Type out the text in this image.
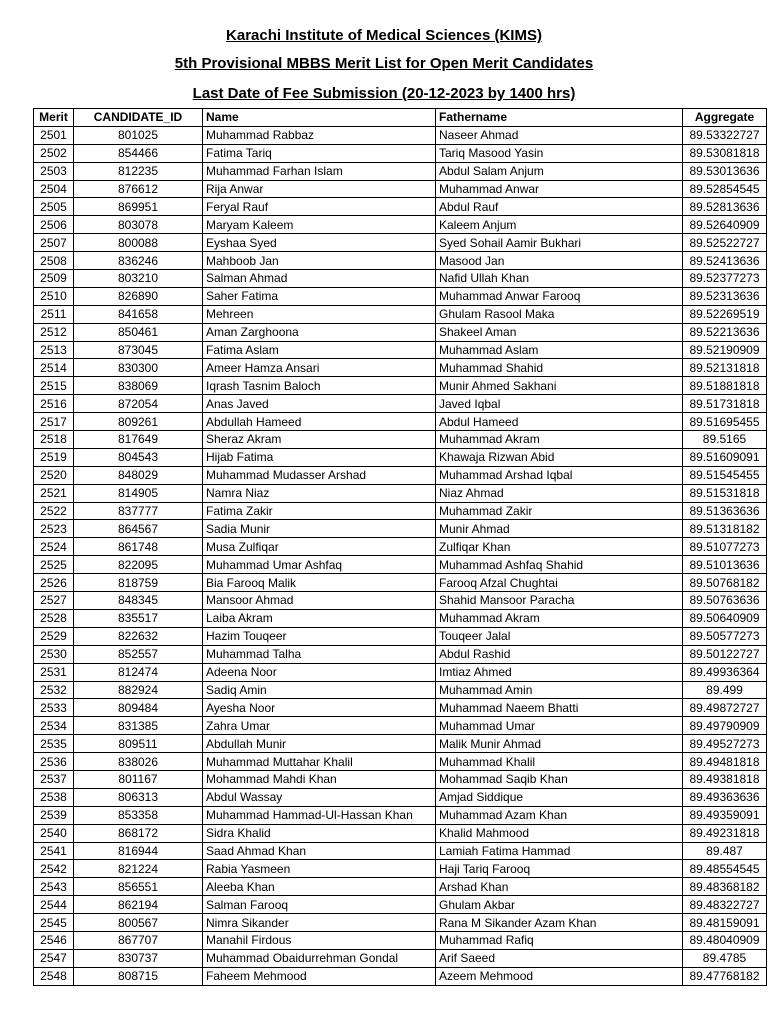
Karachi Institute of Medical Sciences (KIMS)
5th Provisional MBBS Merit List for Open Merit Candidates
Last Date of Fee Submission (20-12-2023 by 1400 hrs)
Merit	CANDIDATE_ID	Name	Fathername	Aggregate
2501	801025	Muhammad Rabbaz	Naseer Ahmad	89.53322727
2502	854466	Fatima Tariq	Tariq Masood Yasin	89.53081818
2503	812235	Muhammad Farhan Islam	Abdul Salam Anjum	89.53013636
2504	876612	Rija Anwar	Muhammad Anwar	89.52854545
2505	869951	Feryal Rauf	Abdul Rauf	89.52813636
2506	803078	Maryam Kaleem	Kaleem Anjum	89.52640909
2507	800088	Eyshaa Syed	Syed Sohail Aamir Bukhari	89.52522727
2508	836246	Mahboob Jan	Masood Jan	89.52413636
2509	803210	Salman Ahmad	Nafid Ullah Khan	89.52377273
2510	826890	Saher Fatima	Muhammad Anwar Farooq	89.52313636
2511	841658	Mehreen	Ghulam Rasool Maka	89.52269519
2512	850461	Aman Zarghoona	Shakeel Aman	89.52213636
2513	873045	Fatima Aslam	Muhammad Aslam	89.52190909
2514	830300	Ameer Hamza Ansari	Muhammad Shahid	89.52131818
2515	838069	Iqrash Tasnim Baloch	Munir Ahmed Sakhani	89.51881818
2516	872054	Anas Javed	Javed Iqbal	89.51731818
2517	809261	Abdullah Hameed	Abdul Hameed	89.51695455
2518	817649	Sheraz Akram	Muhammad Akram	89.5165
2519	804543	Hijab Fatima	Khawaja Rizwan Abid	89.51609091
2520	848029	Muhammad Mudasser Arshad	Muhammad Arshad Iqbal	89.51545455
2521	814905	Namra Niaz	Niaz Ahmad	89.51531818
2522	837777	Fatima Zakir	Muhammad Zakir	89.51363636
2523	864567	Sadia Munir	Munir Ahmad	89.51318182
2524	861748	Musa Zulfiqar	Zulfiqar Khan	89.51077273
2525	822095	Muhammad Umar Ashfaq	Muhammad Ashfaq Shahid	89.51013636
2526	818759	Bia Farooq Malik	Farooq Afzal Chughtai	89.50768182
2527	848345	Mansoor Ahmad	Shahid Mansoor Paracha	89.50763636
2528	835517	Laiba Akram	Muhammad Akram	89.50640909
2529	822632	Hazim Touqeer	Touqeer Jalal	89.50577273
2530	852557	Muhammad Talha	Abdul Rashid	89.50122727
2531	812474	Adeena Noor	Imtiaz Ahmed	89.49936364
2532	882924	Sadiq Amin	Muhammad Amin	89.499
2533	809484	Ayesha Noor	Muhammad Naeem Bhatti	89.49872727
2534	831385	Zahra Umar	Muhammad Umar	89.49790909
2535	809511	Abdullah Munir	Malik Munir Ahmad	89.49527273
2536	838026	Muhammad Muttahar Khalil	Muhammad Khalil	89.49481818
2537	801167	Mohammad Mahdi Khan	Mohammad Saqib Khan	89.49381818
2538	806313	Abdul Wassay	Amjad Siddique	89.49363636
2539	853358	Muhammad Hammad-Ul-Hassan Khan	Muhammad Azam Khan	89.49359091
2540	868172	Sidra Khalid	Khalid Mahmood	89.49231818
2541	816944	Saad Ahmad Khan	Lamiah Fatima Hammad	89.487
2542	821224	Rabia Yasmeen	Haji Tariq Farooq	89.48554545
2543	856551	Aleeba Khan	Arshad Khan	89.48368182
2544	862194	Salman Farooq	Ghulam Akbar	89.48322727
2545	800567	Nimra Sikander	Rana M Sikander Azam Khan	89.48159091
2546	867707	Manahil Firdous	Muhammad Rafiq	89.48040909
2547	830737	Muhammad Obaidurrehman Gondal	Arif Saeed	89.4785
2548	808715	Faheem Mehmood	Azeem Mehmood	89.47768182
